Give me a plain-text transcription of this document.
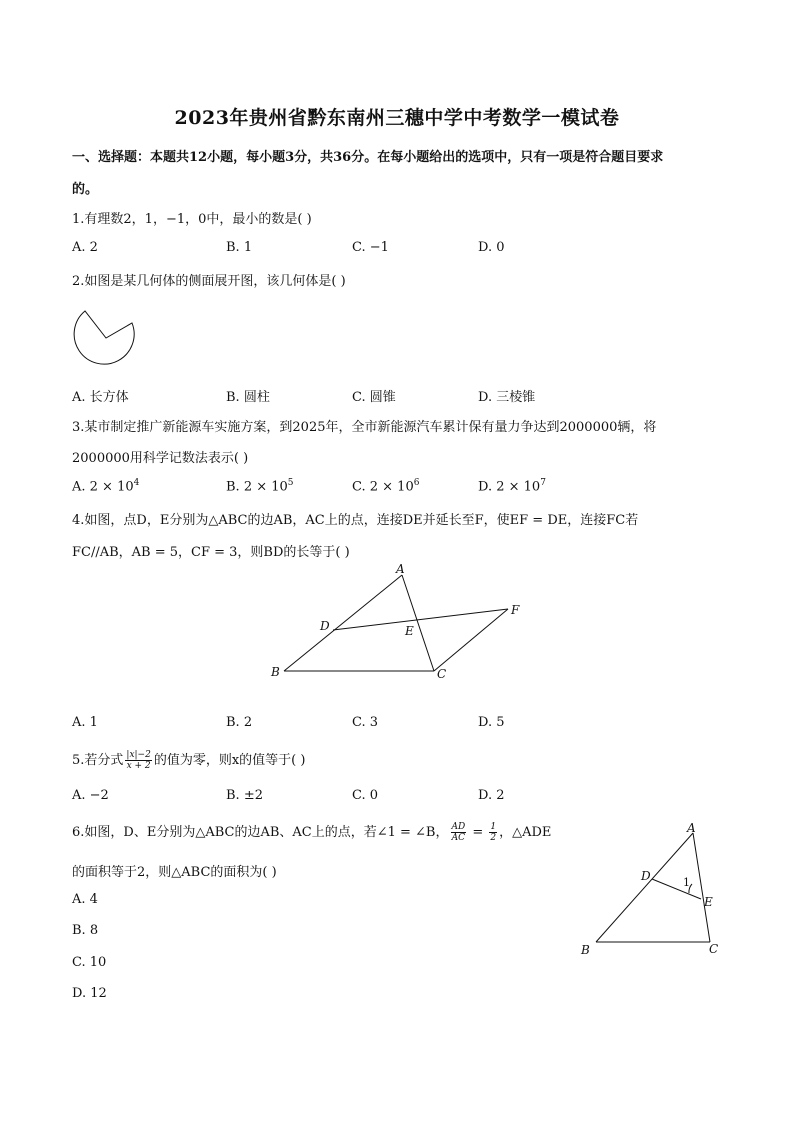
2023年贵州省黔东南州三穗中学中考数学一模试卷
一、选择题：本题共12小题，每小题3分，共36分。在每小题给出的选项中，只有一项是符合题目要求
的。
1.有理数2，1，−1，0中，最小的数是( )
A. 2	B. 1	C. −1	D. 0
2.如图是某几何体的侧面展开图，该几何体是( )
A. 长方体	B. 圆柱	C. 圆锥	D. 三棱锥
3.某市制定推广新能源车实施方案，到2025年，全市新能源汽车累计保有量力争达到2000000辆，将
2000000用科学记数法表示( )
A. $2 \times 10^4$	B. $2 \times 10^5$	C. $2 \times 10^6$	D. $2 \times 10^7$
4.如图，点D，E分别为△ABC的边AB，AC上的点，连接DE并延长至F，使EF = DE，连接FC若
FC//AB，AB = 5，CF = 3，则BD的长等于( )
A
B	C
D	E
F
A. 1	B. 2	C. 3	D. 5
5.若分式 $\frac{|x|-2}{x + 2}$ 的值为零，则x的值等于( )
A. −2	B. ±2	C. 0	D. 2
6.如图，D、E分别为△ABC的边AB、AC上的点，若∠1 = ∠B， $\frac{AD}{AC} = \frac{1}{2}$ ，△ADE
的面积等于2，则△ABC的面积为( )
A. 4
B. 8
C. 10
D. 12
A
B	C
D
E
1
